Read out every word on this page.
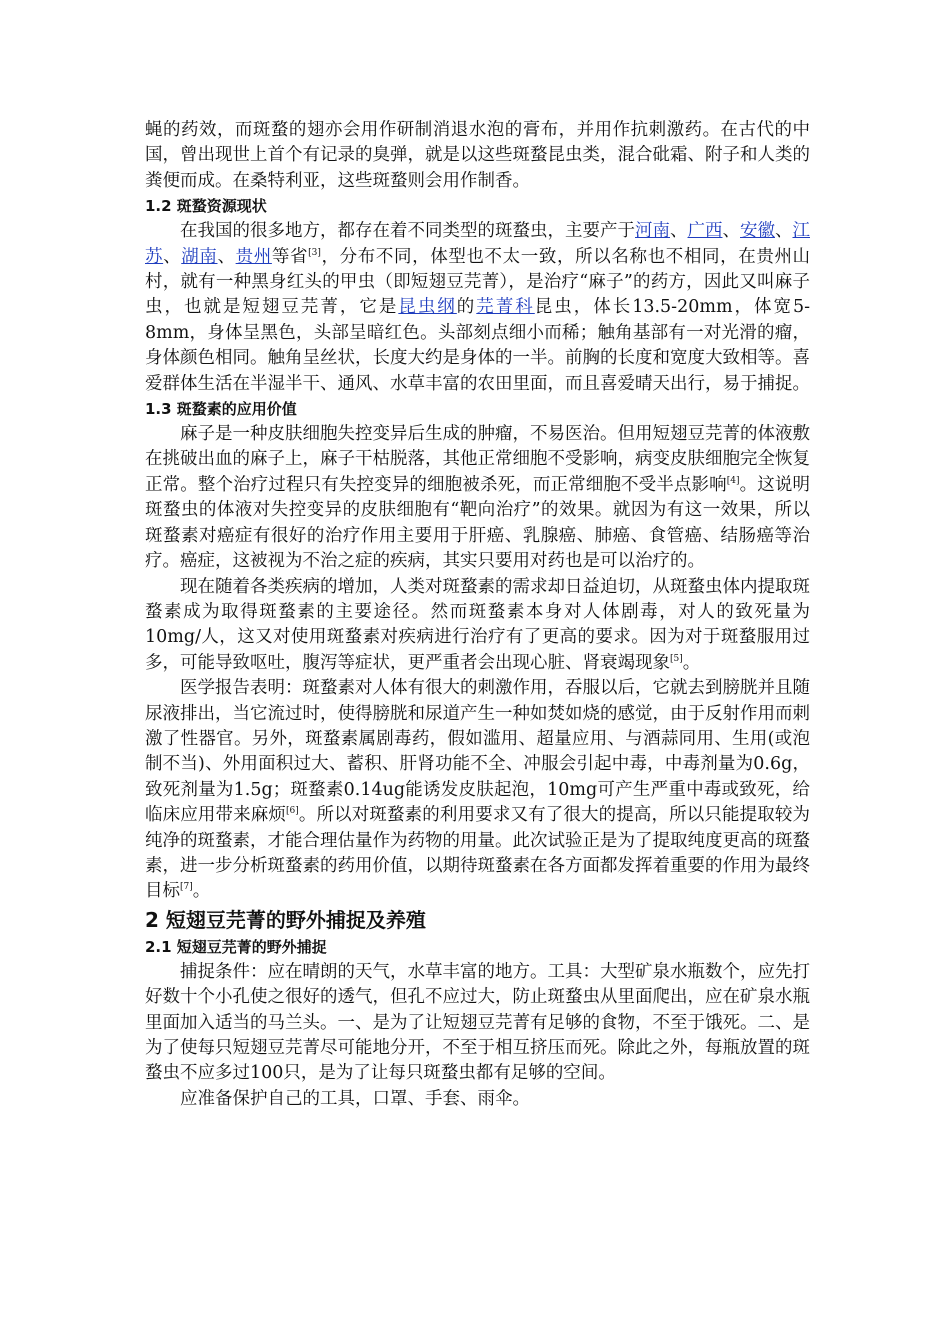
蝇的药效，而斑蝥的翅亦会用作研制消退水泡的膏布，并用作抗刺激药。在古代的中国，曾出现世上首个有记录的臭弹，就是以这些斑蝥昆虫类，混合砒霜、附子和人类的粪便而成。在桑特利亚，这些斑蝥则会用作制香。

1.2 斑蝥资源现状

在我国的很多地方，都存在着不同类型的斑蝥虫，主要产于河南、广西、安徽、江苏、湖南、贵州等省[3]，分布不同，体型也不太一致，所以名称也不相同，在贵州山村，就有一种黑身红头的甲虫（即短翅豆芫菁），是治疗“麻子”的药方，因此又叫麻子虫，也就是短翅豆芫菁，它是昆虫纲的芫菁科昆虫，体长13.5-20mm，体宽5-8mm，身体呈黑色，头部呈暗红色。头部刻点细小而稀；触角基部有一对光滑的瘤，身体颜色相同。触角呈丝状，长度大约是身体的一半。前胸的长度和宽度大致相等。喜爱群体生活在半湿半干、通风、水草丰富的农田里面，而且喜爱晴天出行，易于捕捉。

1.3 斑蝥素的应用价值

麻子是一种皮肤细胞失控变异后生成的肿瘤，不易医治。但用短翅豆芫菁的体液敷在挑破出血的麻子上，麻子干枯脱落，其他正常细胞不受影响，病变皮肤细胞完全恢复正常。整个治疗过程只有失控变异的细胞被杀死，而正常细胞不受半点影响[4]。这说明斑蝥虫的体液对失控变异的皮肤细胞有“靶向治疗”的效果。就因为有这一效果，所以斑蝥素对癌症有很好的治疗作用主要用于肝癌、乳腺癌、肺癌、食管癌、结肠癌等治疗。癌症，这被视为不治之症的疾病，其实只要用对药也是可以治疗的。

现在随着各类疾病的增加，人类对斑蝥素的需求却日益迫切，从斑蝥虫体内提取斑蝥素成为取得斑蝥素的主要途径。然而斑蝥素本身对人体剧毒，对人的致死量为10mg/人，这又对使用斑蝥素对疾病进行治疗有了更高的要求。因为对于斑蝥服用过多，可能导致呕吐，腹泻等症状，更严重者会出现心脏、肾衰竭现象[5]。

医学报告表明：斑蝥素对人体有很大的刺激作用，吞服以后，它就去到膀胱并且随尿液排出，当它流过时，使得膀胱和尿道产生一种如焚如烧的感觉，由于反射作用而刺激了性器官。另外，斑蝥素属剧毒药，假如滥用、超量应用、与酒蒜同用、生用(或泡制不当)、外用面积过大、蓄积、肝肾功能不全、冲服会引起中毒，中毒剂量为0.6g，致死剂量为1.5g；斑蝥素0.14ug能诱发皮肤起泡，10mg可产生严重中毒或致死，给临床应用带来麻烦[6]。所以对斑蝥素的利用要求又有了很大的提高，所以只能提取较为纯净的斑蝥素，才能合理估量作为药物的用量。此次试验正是为了提取纯度更高的斑蝥素，进一步分析斑蝥素的药用价值，以期待斑蝥素在各方面都发挥着重要的作用为最终目标[7]。

2 短翅豆芫菁的野外捕捉及养殖

2.1 短翅豆芫菁的野外捕捉

捕捉条件：应在晴朗的天气，水草丰富的地方。工具：大型矿泉水瓶数个，应先打好数十个小孔使之很好的透气，但孔不应过大，防止斑蝥虫从里面爬出，应在矿泉水瓶里面加入适当的马兰头。一、是为了让短翅豆芫菁有足够的食物，不至于饿死。二、是为了使每只短翅豆芫菁尽可能地分开，不至于相互挤压而死。除此之外，每瓶放置的斑蝥虫不应多过100只，是为了让每只斑蝥虫都有足够的空间。

应准备保护自己的工具，口罩、手套、雨伞。
